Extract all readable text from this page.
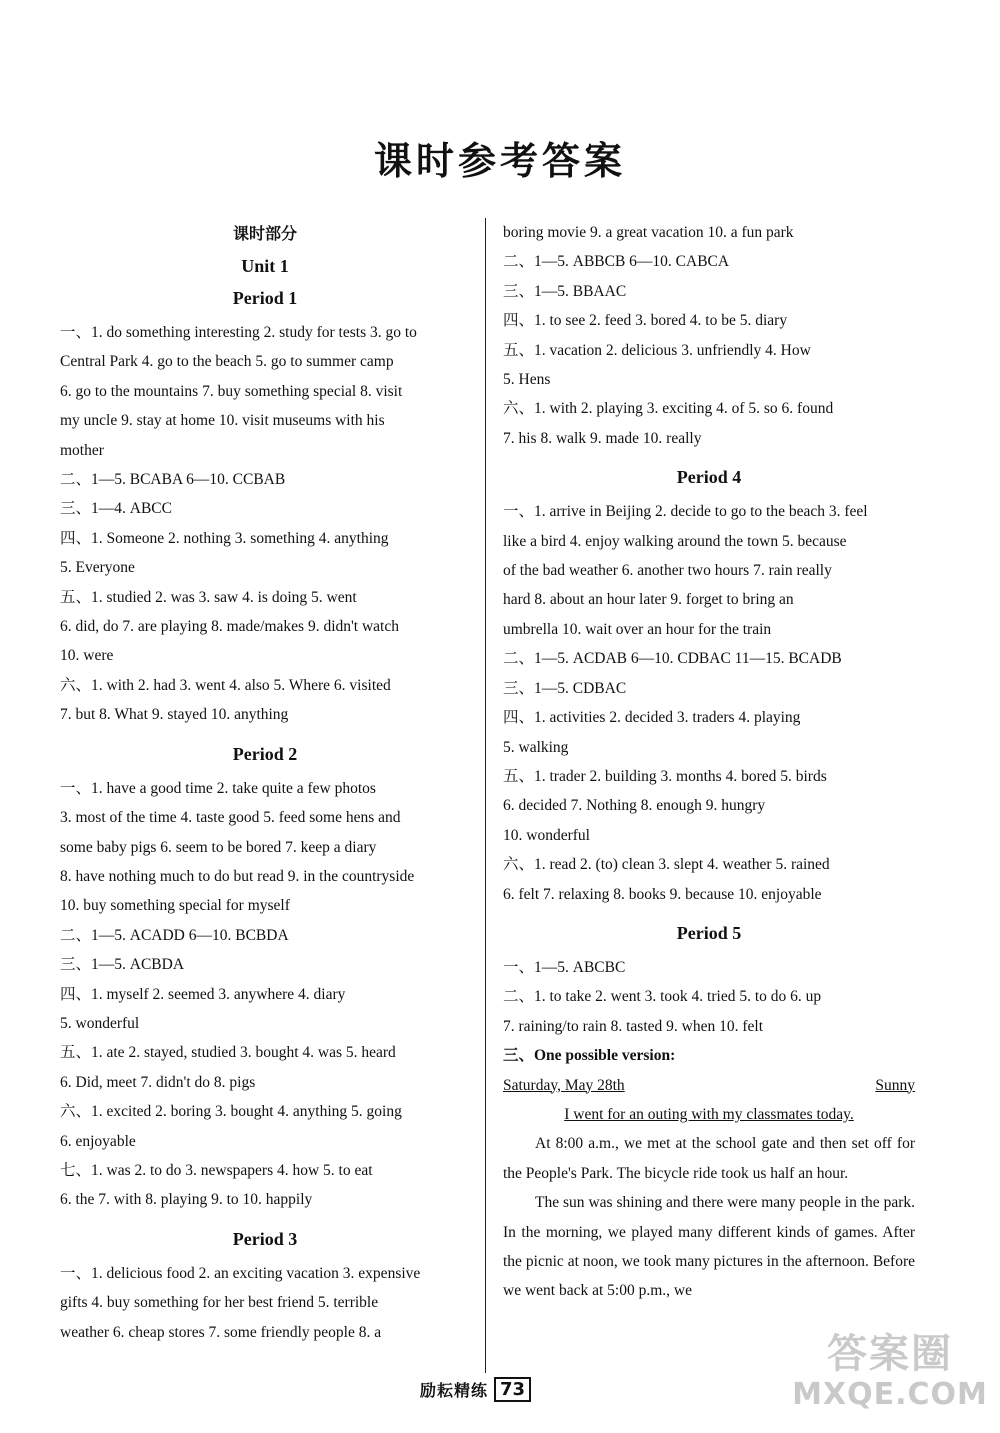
课时参考答案
课时部分
Unit 1
Period 1
一、1. do something interesting 2. study for tests 3. go to
Central Park 4. go to the beach 5. go to summer camp
6. go to the mountains 7. buy something special 8. visit
my uncle 9. stay at home 10. visit museums with his
mother
二、1—5. BCABA 6—10. CCBAB
三、1—4. ABCC
四、1. Someone 2. nothing 3. something 4. anything
5. Everyone
五、1. studied 2. was 3. saw 4. is doing 5. went
6. did, do 7. are playing 8. made/makes 9. didn't watch
10. were
六、1. with 2. had 3. went 4. also 5. Where 6. visited
7. but 8. What 9. stayed 10. anything
Period 2
一、1. have a good time 2. take quite a few photos
3. most of the time 4. taste good 5. feed some hens and
some baby pigs 6. seem to be bored 7. keep a diary
8. have nothing much to do but read 9. in the countryside
10. buy something special for myself
二、1—5. ACADD 6—10. BCBDA
三、1—5. ACBDA
四、1. myself 2. seemed 3. anywhere 4. diary
5. wonderful
五、1. ate 2. stayed, studied 3. bought 4. was 5. heard
6. Did, meet 7. didn't do 8. pigs
六、1. excited 2. boring 3. bought 4. anything 5. going
6. enjoyable
七、1. was 2. to do 3. newspapers 4. how 5. to eat
6. the 7. with 8. playing 9. to 10. happily
Period 3
一、1. delicious food 2. an exciting vacation 3. expensive
gifts 4. buy something for her best friend 5. terrible
weather 6. cheap stores 7. some friendly people 8. a
boring movie 9. a great vacation 10. a fun park
二、1—5. ABBCB 6—10. CABCA
三、1—5. BBAAC
四、1. to see 2. feed 3. bored 4. to be 5. diary
五、1. vacation 2. delicious 3. unfriendly 4. How
5. Hens
六、1. with 2. playing 3. exciting 4. of 5. so 6. found
7. his 8. walk 9. made 10. really
Period 4
一、1. arrive in Beijing 2. decide to go to the beach 3. feel
like a bird 4. enjoy walking around the town 5. because
of the bad weather 6. another two hours 7. rain really
hard 8. about an hour later 9. forget to bring an
umbrella 10. wait over an hour for the train
二、1—5. ACDAB 6—10. CDBAC 11—15. BCADB
三、1—5. CDBAC
四、1. activities 2. decided 3. traders 4. playing
5. walking
五、1. trader 2. building 3. months 4. bored 5. birds
6. decided 7. Nothing 8. enough 9. hungry
10. wonderful
六、1. read 2. (to) clean 3. slept 4. weather 5. rained
6. felt 7. relaxing 8. books 9. because 10. enjoyable
Period 5
一、1—5. ABCBC
二、1. to take 2. went 3. took 4. tried 5. to do 6. up
7. raining/to rain 8. tasted 9. when 10. felt
三、One possible version:
Saturday, May 28th	Sunny
I went for an outing with my classmates today.
At 8:00 a.m., we met at the school gate and then set off for the People's Park. The bicycle ride took us half an hour.
The sun was shining and there were many people in the park. In the morning, we played many different kinds of games. After the picnic at noon, we took many pictures in the afternoon. Before we went back at 5:00 p.m., we
励耘精练 73
答案圈
MXQE.COM
